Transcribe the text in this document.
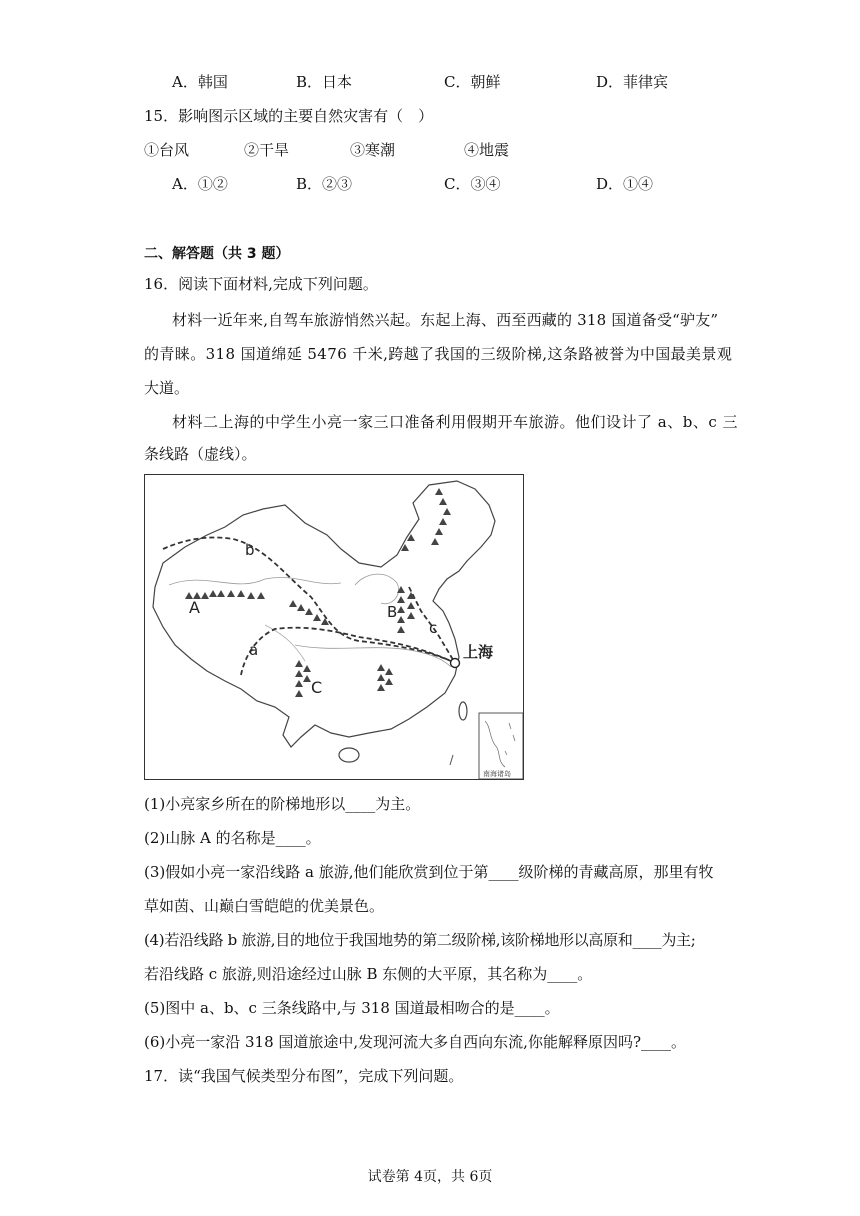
A．韩国	B．日本	C．朝鲜	D．菲律宾
15．影响图示区域的主要自然灾害有（　）
①台风	②干旱	③寒潮	④地震
A．①②	B．②③	C．③④	D．①④
二、解答题（共 3 题）
16．阅读下面材料,完成下列问题。
材料一近年来,自驾车旅游悄然兴起。东起上海、西至西藏的 318 国道备受“驴友”
的青睐。318 国道绵延 5476 千米,跨越了我国的三级阶梯,这条路被誉为中国最美景观
大道。
材料二上海的中学生小亮一家三口准备利用假期开车旅游。他们设计了 a、b、c 三
条线路（虚线）。
b
A	B
c
上海
a
C
南海诸岛
(1)小亮家乡所在的阶梯地形以____为主。
(2)山脉 A 的名称是____。
(3)假如小亮一家沿线路 a 旅游,他们能欣赏到位于第____级阶梯的青藏高原，那里有牧
草如茵、山巅白雪皑皑的优美景色。
(4)若沿线路 b 旅游,目的地位于我国地势的第二级阶梯,该阶梯地形以高原和____为主;
若沿线路 c 旅游,则沿途经过山脉 B 东侧的大平原，其名称为____。
(5)图中 a、b、c 三条线路中,与 318 国道最相吻合的是____。
(6)小亮一家沿 318 国道旅途中,发现河流大多自西向东流,你能解释原因吗?____。
17．读“我国气候类型分布图”，完成下列问题。
试卷第 4页，共 6页
